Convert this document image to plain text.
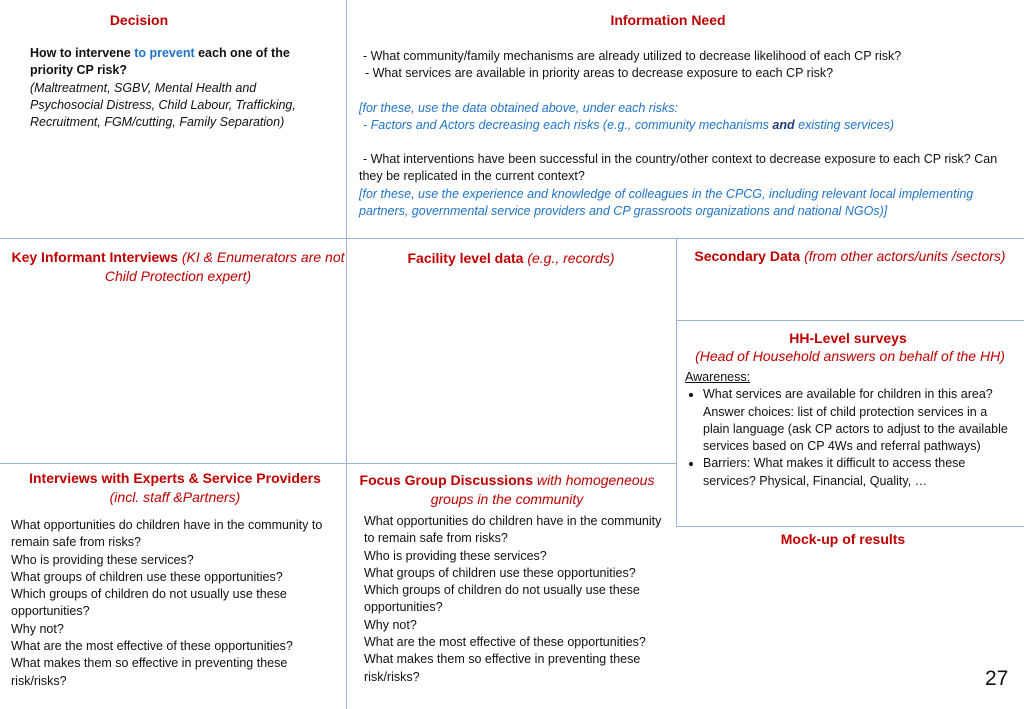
Decision

How to intervene to prevent each one of the priority CP risk?

(Maltreatment, SGBV, Mental Health and Psychosocial Distress, Child Labour, Trafficking, Recruitment, FGM/cutting, Family Separation)

Information Need

- What community/family mechanisms are already utilized to decrease likelihood of each CP risk?

- What services are available in priority areas to decrease exposure to each CP risk?

[for these, use the data obtained above, under each risks:

- Factors and Actors decreasing each risks (e.g., community mechanisms and existing services)

- What interventions have been successful in the country/other context to decrease exposure to each CP risk? Can they be replicated in the current context?

[for these, use the experience and knowledge of colleagues in the CPCG, including relevant local implementing partners, governmental service providers and CP grassroots organizations and national NGOs)]

Key Informant Interviews (KI & Enumerators are not Child Protection expert)
Facility level data (e.g., records)	Secondary Data (from other actors/units /sectors)
HH-Level surveys
(Head of Household answers on behalf of the HH)

Awareness:

• What services are available for children in this area? Answer choices: list of child protection services in a plain language (ask CP actors to adjust to the available services based on CP 4Ws and referral pathways)
• Barriers: What makes it difficult to access these services? Physical, Financial, Quality, …

Interviews with Experts & Service Providers

(incl. staff &Partners)

What opportunities do children have in the community to remain safe from risks?

Who is providing these services?

What groups of children use these opportunities?

Which groups of children do not usually use these opportunities?

Why not?

What are the most effective of these opportunities?

What makes them so effective in preventing these risk/risks?

Focus Group Discussions with homogeneous groups in the community

What opportunities do children have in the community to remain safe from risks?

Who is providing these services?

What groups of children use these opportunities?

Which groups of children do not usually use these opportunities?

Why not?

What are the most effective of these opportunities? What makes them so effective in preventing these risk/risks?

Mock-up of results
27
